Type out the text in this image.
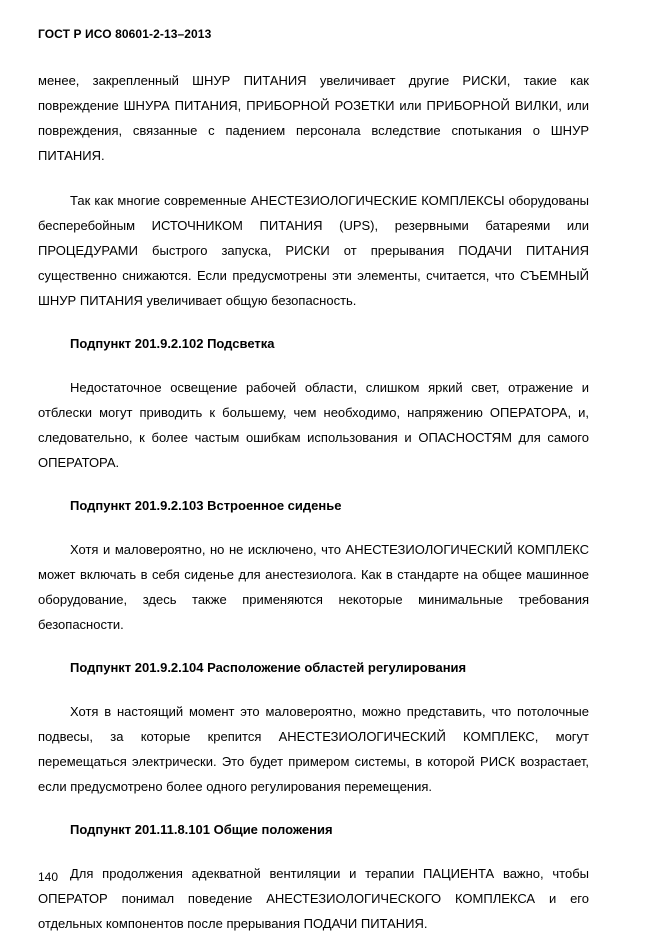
ГОСТ Р ИСО 80601-2-13–2013

менее, закрепленный ШНУР ПИТАНИЯ увеличивает другие РИСКИ, такие как повреждение ШНУРА ПИТАНИЯ, ПРИБОРНОЙ РОЗЕТКИ или ПРИБОРНОЙ ВИЛКИ, или повреждения, связанные с падением персонала вследствие спотыкания о ШНУР ПИТАНИЯ.

Так как многие современные АНЕСТЕЗИОЛОГИЧЕСКИЕ КОМПЛЕКСЫ оборудованы бесперебойным ИСТОЧНИКОМ ПИТАНИЯ (UPS), резервными батареями или ПРОЦЕДУРАМИ быстрого запуска, РИСКИ от прерывания ПОДАЧИ ПИТАНИЯ существенно снижаются. Если предусмотрены эти элементы, считается, что СЪЕМНЫЙ ШНУР ПИТАНИЯ увеличивает общую безопасность.

Подпункт 201.9.2.102 Подсветка

Недостаточное освещение рабочей области, слишком яркий свет, отражение и отблески могут приводить к большему, чем необходимо, напряжению ОПЕРАТОРА, и, следовательно, к более частым ошибкам использования и ОПАСНОСТЯМ для самого ОПЕРАТОРА.

Подпункт 201.9.2.103 Встроенное сиденье

Хотя и маловероятно, но не исключено, что АНЕСТЕЗИОЛОГИЧЕСКИЙ КОМПЛЕКС может включать в себя сиденье для анестезиолога. Как в стандарте на общее машинное оборудование, здесь также применяются некоторые минимальные требования безопасности.

Подпункт 201.9.2.104 Расположение областей регулирования

Хотя в настоящий момент это маловероятно, можно представить, что потолочные подвесы, за которые крепится АНЕСТЕЗИОЛОГИЧЕСКИЙ КОМПЛЕКС, могут перемещаться электрически. Это будет примером системы, в которой РИСК возрастает, если предусмотрено более одного регулирования перемещения.

Подпункт 201.11.8.101 Общие положения

Для продолжения адекватной вентиляции и терапии ПАЦИЕНТА важно, чтобы ОПЕРАТОР понимал поведение АНЕСТЕЗИОЛОГИЧЕСКОГО КОМПЛЕКСА и его отдельных компонентов после прерывания ПОДАЧИ ПИТАНИЯ.

140
